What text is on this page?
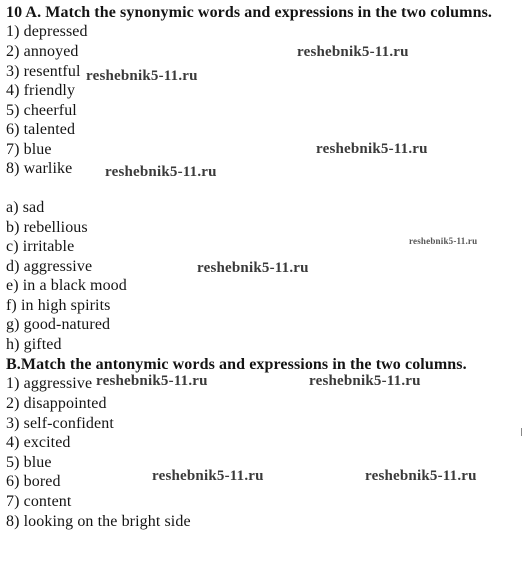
10 A. Match the synonymic words and expressions in the two columns.
1) depressed
2) annoyed
3) resentful
4) friendly
5) cheerful
6) talented
7) blue
8) warlike
a) sad
b) rebellious
c) irritable
d) aggressive
e) in a black mood
f) in high spirits
g) good-natured
h) gifted
B.Match the antonymic words and expressions in the two columns.
1) aggressive
2) disappointed
3) self-confident
4) excited
5) blue
6) bored
7) content
8) looking on the bright side
reshebnik5-11.ru
reshebnik5-11.ru
reshebnik5-11.ru
reshebnik5-11.ru
reshebnik5-11.ru
reshebnik5-11.ru
reshebnik5-11.ru	reshebnik5-11.ru
reshebnik5-11.ru	reshebnik5-11.ru
